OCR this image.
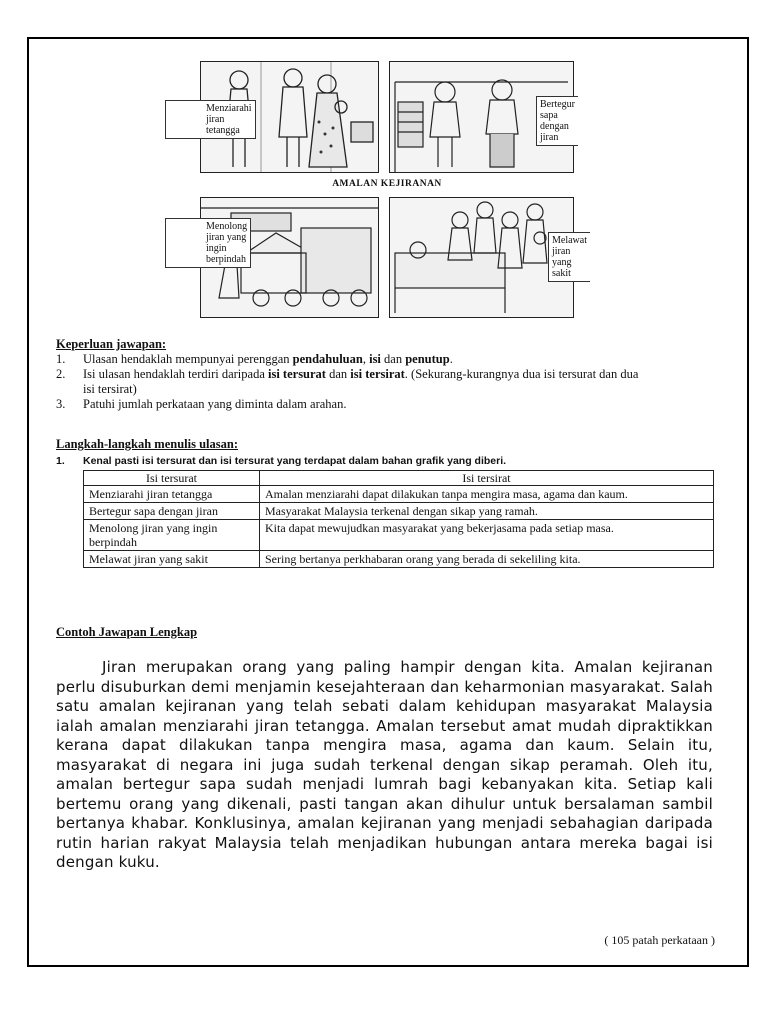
Menziarahi
jiran
tetangga
Bertegur
sapa dengan
jiran
AMALAN KEJIRANAN
Menolong
jiran yang
ingin
berpindah
Melawat
jiran yang
sakit
Keperluan jawapan:
1.	Ulasan hendaklah mempunyai perenggan pendahuluan, isi dan penutup.
2.	Isi ulasan hendaklah terdiri daripada isi tersurat dan isi tersirat. (Sekurang-kurangnya dua isi tersurat dan dua isi tersirat)
3.	Patuhi jumlah perkataan yang diminta dalam arahan.
Langkah-langkah menulis ulasan:
1.	Kenal pasti isi tersurat dan isi tersurat yang terdapat dalam bahan grafik yang diberi.
Isi tersurat	Isi tersirat
Menziarahi jiran tetangga	Amalan menziarahi dapat dilakukan tanpa mengira masa, agama dan kaum.
Bertegur sapa dengan jiran	Masyarakat Malaysia terkenal dengan sikap yang ramah.
Menolong jiran yang ingin berpindah	Kita dapat mewujudkan masyarakat yang bekerjasama pada setiap masa.
Melawat jiran yang sakit	Sering bertanya perkhabaran orang yang berada di sekeliling kita.
Contoh Jawapan Lengkap
Jiran merupakan orang yang paling hampir dengan kita. Amalan kejiranan perlu disuburkan demi menjamin kesejahteraan dan keharmonian masyarakat. Salah satu amalan kejiranan yang telah sebati dalam kehidupan masyarakat Malaysia ialah amalan menziarahi jiran tetangga. Amalan tersebut amat mudah dipraktikkan kerana dapat dilakukan tanpa mengira masa, agama dan kaum. Selain itu, masyarakat di negara ini juga sudah terkenal dengan sikap peramah. Oleh itu, amalan bertegur sapa sudah menjadi lumrah bagi kebanyakan kita. Setiap kali bertemu orang yang dikenali, pasti tangan akan dihulur untuk bersalaman sambil bertanya khabar. Konklusinya, amalan kejiranan yang menjadi sebahagian daripada rutin harian rakyat Malaysia telah menjadikan hubungan antara mereka bagai isi dengan kuku.
( 105 patah perkataan )
